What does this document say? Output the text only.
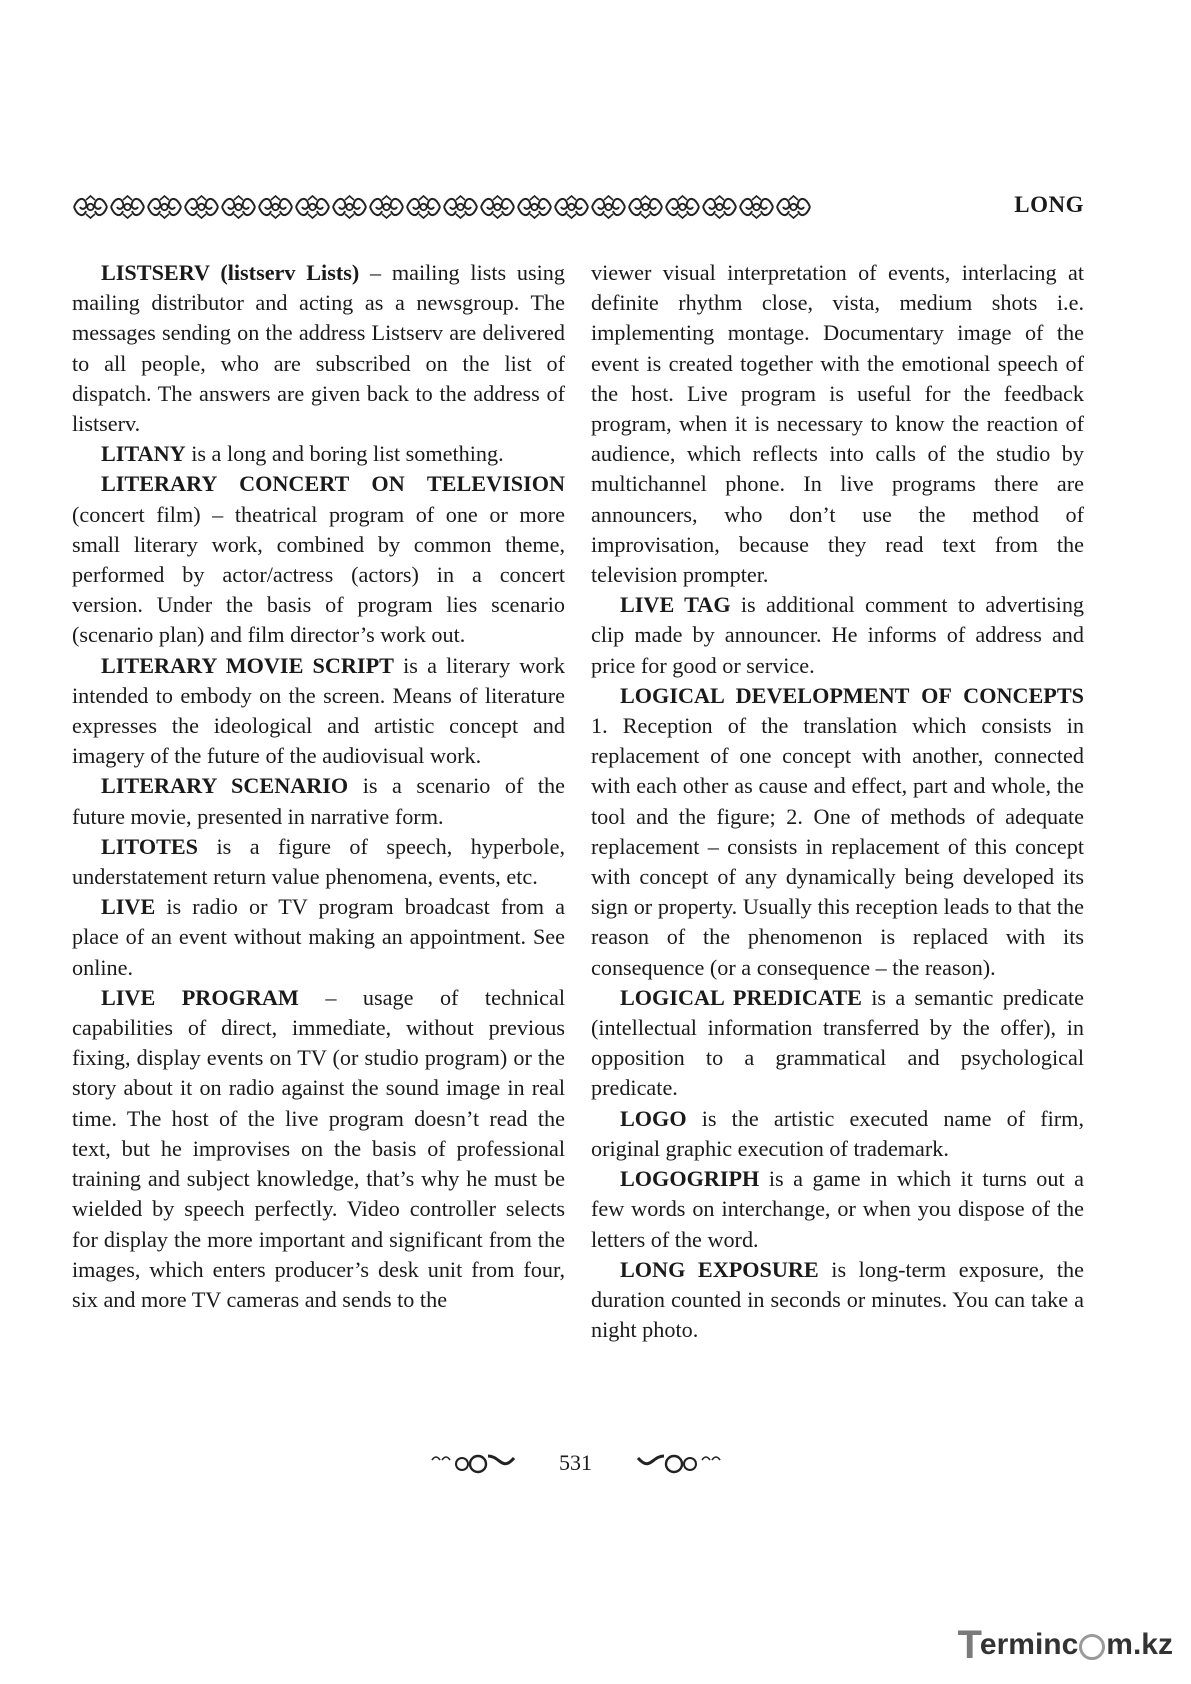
LONG

LISTSERV (listserv Lists) – mailing lists using mailing distributor and acting as a newsgroup. The messages sending on the address Listserv are delivered to all people, who are subscribed on the list of dispatch. The answers are given back to the address of listserv.

LITANY is a long and boring list something.

LITERARY CONCERT ON TELEVISION (concert film) – theatrical program of one or more small literary work, combined by common theme, performed by actor/actress (actors) in a concert version. Under the basis of program lies scenario (scenario plan) and film director’s work out.

LITERARY MOVIE SCRIPT is a literary work intended to embody on the screen. Means of literature expresses the ideological and artistic concept and imagery of the future of the audiovisual work.

LITERARY SCENARIO is a scenario of the future movie, presented in narrative form.

LITOTES is a figure of speech, hyperbole, understatement return value phenomena, events, etc.

LIVE is radio or TV program broadcast from a place of an event without making an appointment. See online.

LIVE PROGRAM – usage of technical capabilities of direct, immediate, without previous fixing, display events on TV (or studio program) or the story about it on radio against the sound image in real time. The host of the live program doesn’t read the text, but he improvises on the basis of professional training and subject knowledge, that’s why he must be wielded by speech perfectly. Video controller selects for display the more important and significant from the images, which enters producer’s desk unit from four, six and more TV cameras and sends to the

viewer visual interpretation of events, interlacing at definite rhythm close, vista, medium shots i.e. implementing montage. Documentary image of the event is created together with the emotional speech of the host. Live program is useful for the feedback program, when it is necessary to know the reaction of audience, which reflects into calls of the studio by multichannel phone. In live programs there are announcers, who don’t use the method of improvisation, because they read text from the television prompter.

LIVE TAG is additional comment to advertising clip made by announcer. He informs of address and price for good or service.

LOGICAL DEVELOPMENT OF CONCEPTS 1. Reception of the translation which consists in replacement of one concept with another, connected with each other as cause and effect, part and whole, the tool and the figure; 2. One of methods of adequate replacement – consists in replacement of this concept with concept of any dynamically being developed its sign or property. Usually this reception leads to that the reason of the phenomenon is replaced with its consequence (or a consequence – the reason).

LOGICAL PREDICATE is a semantic predicate (intellectual information transferred by the offer), in opposition to a grammatical and psychological predicate.

LOGO is the artistic executed name of firm, original graphic execution of trademark.

LOGOGRIPH is a game in which it turns out a few words on interchange, or when you dispose of the letters of the word.

LONG EXPOSURE is long-term exposure, the duration counted in seconds or minutes. You can take a night photo.

531
T
erminc m.kz
